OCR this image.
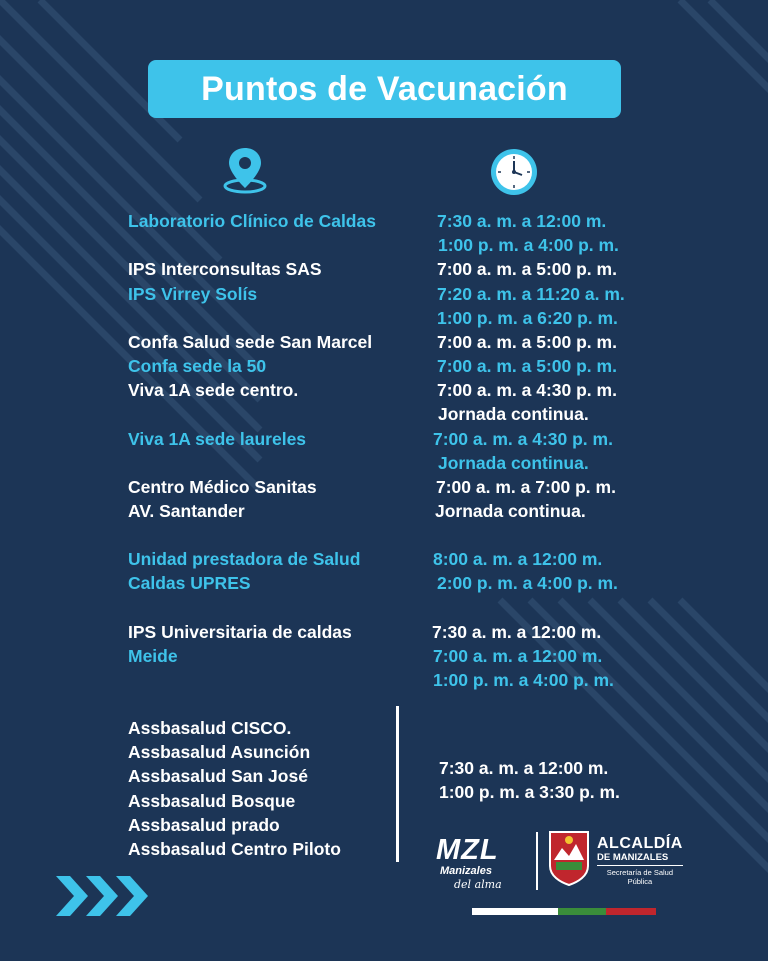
Puntos de Vacunación
Laboratorio Clínico de Caldas	7:30 a. m. a 12:00 m.
1:00 p. m. a 4:00 p. m.
IPS Interconsultas SAS	7:00 a. m. a 5:00 p. m.
IPS Virrey Solís	7:20 a. m. a 11:20 a. m.
1:00 p. m. a 6:20 p. m.
Confa Salud sede San Marcel	7:00 a. m. a 5:00 p. m.
Confa sede la 50	7:00 a. m. a 5:00 p. m.
Viva 1A sede centro.	7:00 a. m. a 4:30 p. m.
Jornada continua.
Viva 1A sede laureles	7:00 a. m. a 4:30 p. m.
Jornada continua.
Centro Médico Sanitas	7:00 a. m. a 7:00 p. m.
AV. Santander	Jornada continua.
Unidad prestadora de Salud	8:00 a. m. a 12:00 m.
Caldas UPRES	2:00 p. m. a 4:00 p. m.
IPS Universitaria de caldas	7:30 a. m. a 12:00 m.
Meide	7:00 a. m. a 12:00 m.
1:00 p. m. a 4:00 p. m.
Assbasalud CISCO.
Assbasalud Asunción
Assbasalud San José
Assbasalud Bosque
Assbasalud prado
Assbasalud Centro Piloto
7:30 a. m. a 12:00 m.
1:00 p. m. a 3:30 p. m.
MZL
Manizales
del alma
ALCALDÍA
DE MANIZALES
Secretaría de Salud
Pública
